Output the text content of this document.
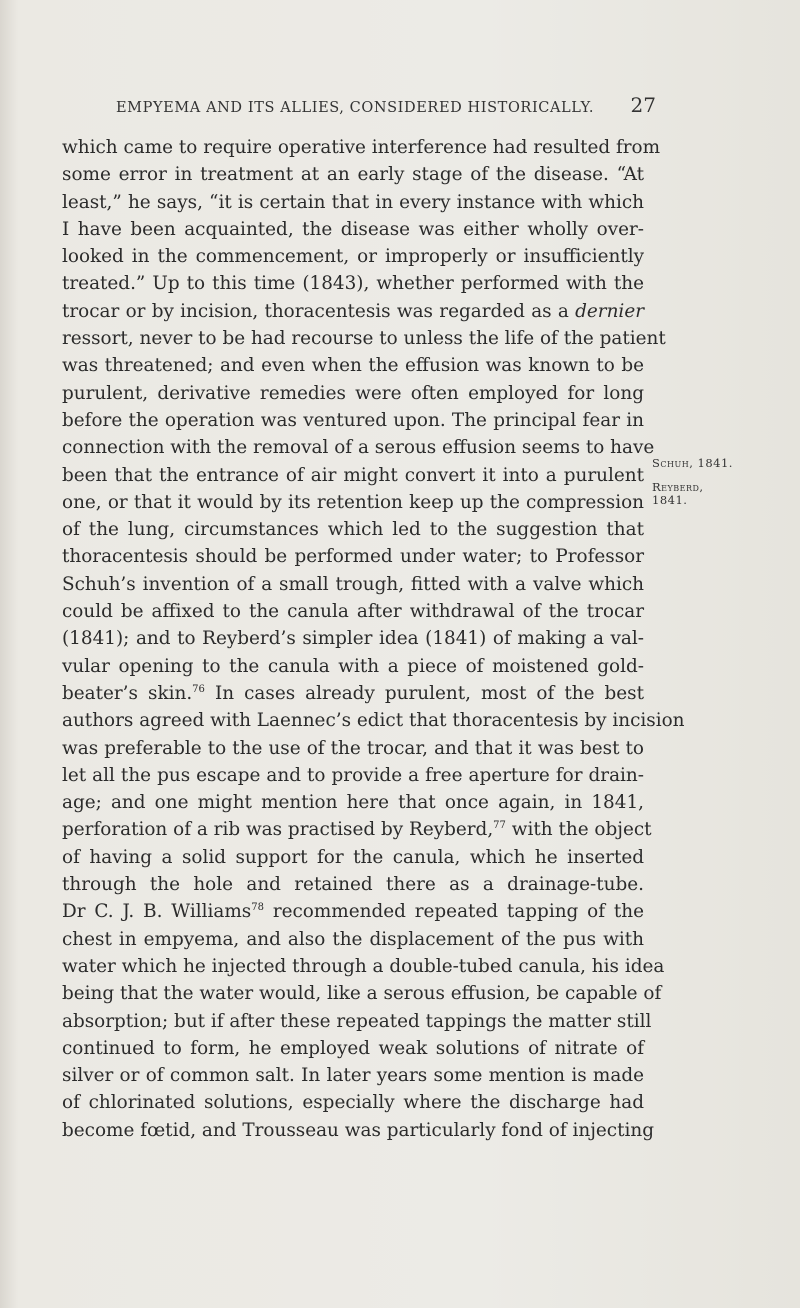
EMPYEMA AND ITS ALLIES, CONSIDERED HISTORICALLY. 27
which came to require operative interference had resulted from
some error in treatment at an early stage of the disease. “At
least,” he says, “it is certain that in every instance with which
I have been acquainted, the disease was either wholly over-
looked in the commencement, or improperly or insufficiently
treated.” Up to this time (1843), whether performed with the
trocar or by incision, thoracentesis was regarded as a dernier
ressort, never to be had recourse to unless the life of the patient
was threatened; and even when the effusion was known to be
purulent, derivative remedies were often employed for long
before the operation was ventured upon. The principal fear in
connection with the removal of a serous effusion seems to have
been that the entrance of air might convert it into a purulent
one, or that it would by its retention keep up the compression
of the lung, circumstances which led to the suggestion that
thoracentesis should be performed under water; to Professor
Schuh’s invention of a small trough, fitted with a valve which
could be affixed to the canula after withdrawal of the trocar
(1841); and to Reyberd’s simpler idea (1841) of making a val-
vular opening to the canula with a piece of moistened gold-
beater’s skin.$^{76}$ In cases already purulent, most of the best
authors agreed with Laennec’s edict that thoracentesis by incision
was preferable to the use of the trocar, and that it was best to
let all the pus escape and to provide a free aperture for drain-
age; and one might mention here that once again, in 1841,
perforation of a rib was practised by Reyberd,$^{77}$ with the object
of having a solid support for the canula, which he inserted
through the hole and retained there as a drainage-tube.
Dr C. J. B. Williams$^{78}$ recommended repeated tapping of the
chest in empyema, and also the displacement of the pus with
water which he injected through a double-tubed canula, his idea
being that the water would, like a serous effusion, be capable of
absorption; but if after these repeated tappings the matter still
continued to form, he employed weak solutions of nitrate of
silver or of common salt. In later years some mention is made
of chlorinated solutions, especially where the discharge had
become fœtid, and Trousseau was particularly fond of injecting
Schuh, 1841.
Reyberd,
1841.
